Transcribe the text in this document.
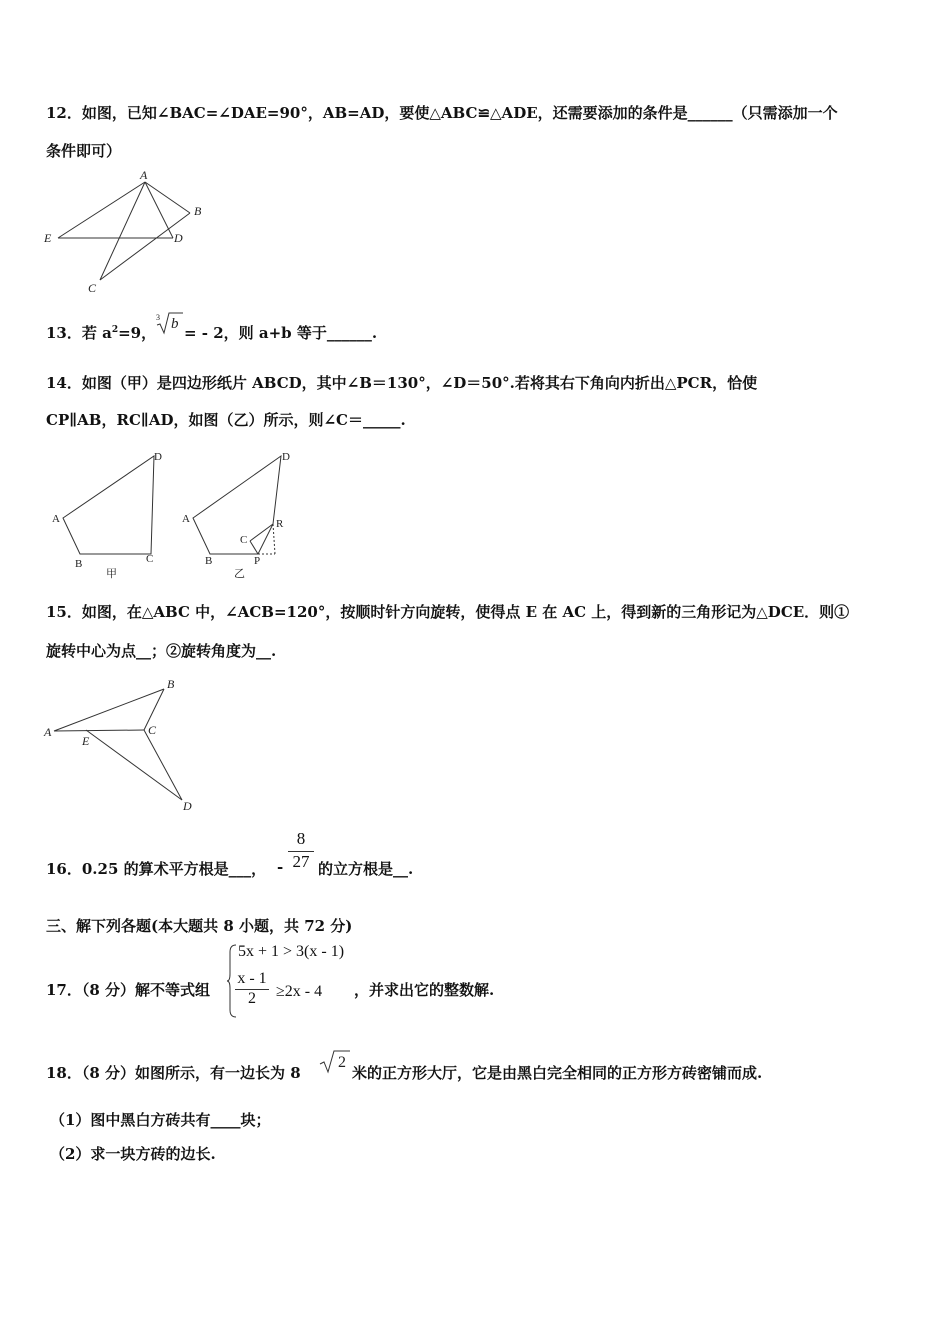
12．如图，已知∠BAC=∠DAE=90°，AB=AD，要使△ABC≌△ADE，还需要添加的条件是______（只需添加一个
条件即可）
A
B
D
E
C
13．若 $a^2=9$，
3 b = - 2，则 a+b 等于______.
14．如图（甲）是四边形纸片 ABCD，其中∠B＝130°，∠D＝50°.若将其右下角向内折出△PCR，恰使
CP∥AB，RC∥AD，如图（乙）所示，则∠C＝_____.
A
B	C
D
甲
A
B
C
D
P
R
乙
15．如图，在△ABC 中，∠ACB=120°，按顺时针方向旋转，使得点 E 在 AC 上，得到新的三角形记为△DCE．则①
旋转中心为点__；②旋转角度为__.
A
B
C
D
E
16．0.25 的算术平方根是___， -
8
27 的立方根是__.
三、解下列各题(本大题共 8 小题，共 72 分)
17．（8 分）解不等式组
5x + 1 > 3(x - 1)
x - 1
2	≥2x - 4 ，并求出它的整数解.
18．（8 分）如图所示，有一边长为 8
2
米的正方形大厅，它是由黑白完全相同的正方形方砖密铺而成.
（1）图中黑白方砖共有____块；
（2）求一块方砖的边长.
